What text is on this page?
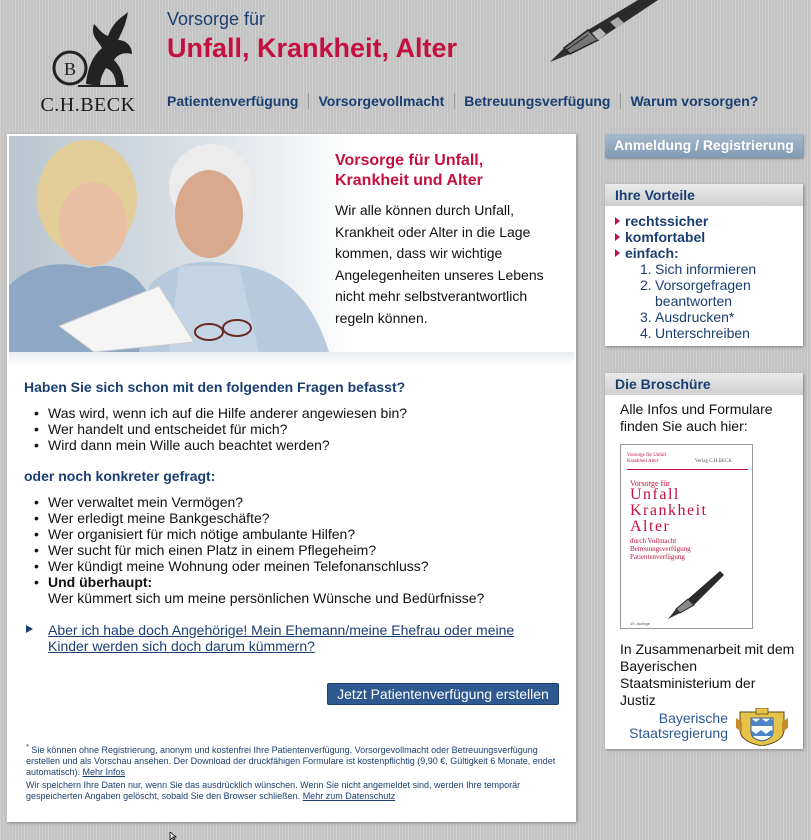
B
C.H.BECK
Vorsorge für
Unfall, Krankheit, Alter
Patientenverfügung Vorsorgevollmacht Betreuungsverfügung Warum vorsorgen?
Vorsorge für Unfall, Krankheit und Alter
Wir alle können durch Unfall, Krankheit oder Alter in die Lage kommen, dass wir wichtige Angelegenheiten unseres Lebens nicht mehr selbstverantwortlich regeln können.
Haben Sie sich schon mit den folgenden Fragen befasst?
• Was wird, wenn ich auf die Hilfe anderer angewiesen bin?
• Wer handelt und entscheidet für mich?
• Wird dann mein Wille auch beachtet werden?
oder noch konkreter gefragt:
• Wer verwaltet mein Vermögen?
• Wer erledigt meine Bankgeschäfte?
• Wer organisiert für mich nötige ambulante Hilfen?
• Wer sucht für mich einen Platz in einem Pflegeheim?
• Wer kündigt meine Wohnung oder meinen Telefonanschluss?
• Und überhaupt:
Wer kümmert sich um meine persönlichen Wünsche und Bedürfnisse?
Aber ich habe doch Angehörige! Mein Ehemann/meine Ehefrau oder meine Kinder werden sich doch darum kümmern?
Jetzt Patientenverfügung erstellen

* Sie können ohne Registrierung, anonym und kostenfrei Ihre Patientenverfügung, Vorsorgevollmacht oder Betreuungsverfügung erstellen und als Vorschau ansehen. Der Download der druckfähigen Formulare ist kostenpflichtig (9,90 €, Gültigkeit 6 Monate, endet automatisch). Mehr Infos

Wir speichern Ihre Daten nur, wenn Sie das ausdrücklich wünschen. Wenn Sie nicht angemeldet sind, werden Ihre temporär gespeicherten Angaben gelöscht, sobald Sie den Browser schließen. Mehr zum Datenschutz

Anmeldung / Registrierung
Ihre Vorteile
rechtssicher
komfortabel
einfach:
1. Sich informieren
2. Vorsorgefragen beantworten
3. Ausdrucken*
4. Unterschreiben
Die Broschüre
Alle Infos und Formulare finden Sie auch hier:
Vorsorge für Unfall Krankheit Alter	Verlag C.H.BECK
Vorsorge für
Unfall
Krankheit
Alter
durch Vollmacht Betreuungsverfügung Patientenverfügung
19. Auflage
In Zusammenarbeit mit dem Bayerischen Staatsministerium der Justiz
Bayerische Staatsregierung
